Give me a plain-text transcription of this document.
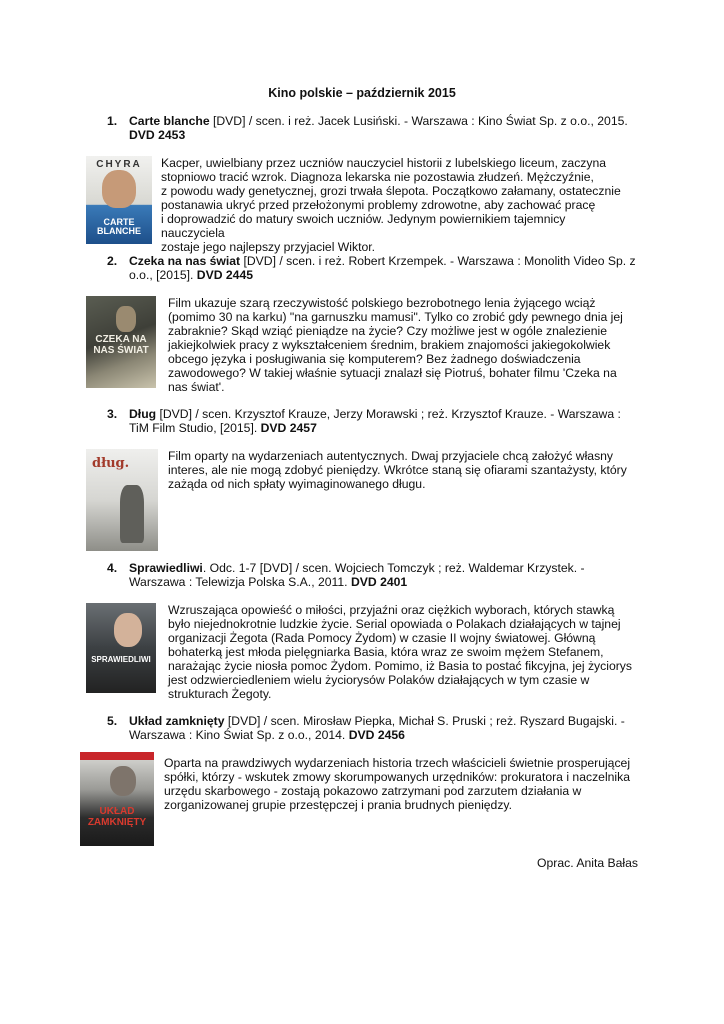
Kino polskie – październik 2015
1. Carte blanche [DVD] / scen. i reż. Jacek Lusiński. - Warszawa : Kino Świat Sp. z o.o., 2015. DVD 2453
CHYRA
CARTE BLANCHE
Kacper, uwielbiany przez uczniów nauczyciel historii z lubelskiego liceum, zaczyna
stopniowo tracić wzrok. Diagnoza lekarska nie pozostawia złudzeń. Mężczyźnie,
z powodu wady genetycznej, grozi trwała ślepota. Początkowo załamany, ostatecznie
postanawia ukryć przed przełożonymi problemy zdrowotne, aby zachować pracę
i doprowadzić do matury swoich uczniów. Jedynym powiernikiem tajemnicy nauczyciela
zostaje jego najlepszy przyjaciel Wiktor.
2. Czeka na nas świat [DVD] / scen. i reż. Robert Krzempek. - Warszawa : Monolith Video Sp. z o.o., [2015]. DVD 2445
CZEKA NA NAS ŚWIAT
Film ukazuje szarą rzeczywistość polskiego bezrobotnego lenia żyjącego wciąż
(pomimo 30 na karku) "na garnuszku mamusi". Tylko co zrobić gdy pewnego dnia jej
zabraknie? Skąd wziąć pieniądze na życie? Czy możliwe jest w ogóle znalezienie
jakiejkolwiek pracy z wykształceniem średnim, brakiem znajomości jakiegokolwiek
obcego języka i posługiwania się komputerem? Bez żadnego doświadczenia
zawodowego? W takiej właśnie sytuacji znalazł się Piotruś, bohater filmu 'Czeka na
nas świat'.
3. Dług [DVD] / scen. Krzysztof Krauze, Jerzy Morawski ; reż. Krzysztof Krauze. - Warszawa : TiM Film Studio, [2015]. DVD 2457
dług.	Film oparty na wydarzeniach autentycznych. Dwaj przyjaciele chcą założyć własny
interes, ale nie mogą zdobyć pieniędzy. Wkrótce staną się ofiarami szantażysty, który
zażąda od nich spłaty wyimaginowanego długu.
4. Sprawiedliwi. Odc. 1-7 [DVD] / scen. Wojciech Tomczyk ; reż. Waldemar Krzystek. - Warszawa : Telewizja Polska S.A., 2011. DVD 2401
SPRAWIEDLIWI
Wzruszająca opowieść o miłości, przyjaźni oraz ciężkich wyborach, których stawką
było niejednokrotnie ludzkie życie. Serial opowiada o Polakach działających w tajnej
organizacji Żegota (Rada Pomocy Żydom) w czasie II wojny światowej. Główną
bohaterką jest młoda pielęgniarka Basia, która wraz ze swoim mężem Stefanem,
narażając życie niosła pomoc Żydom. Pomimo, iż Basia to postać fikcyjna, jej życiorys
jest odzwierciedleniem wielu życiorysów Polaków działających w tym czasie w
strukturach Żegoty.
5. Układ zamknięty [DVD] / scen. Mirosław Piepka, Michał S. Pruski ; reż. Ryszard Bugajski. - Warszawa : Kino Świat Sp. z o.o., 2014. DVD 2456
UKŁAD ZAMKNIĘTY
Oparta na prawdziwych wydarzeniach historia trzech właścicieli świetnie prosperującej
spółki, którzy - wskutek zmowy skorumpowanych urzędników: prokuratora i naczelnika
urzędu skarbowego - zostają pokazowo zatrzymani pod zarzutem działania w
zorganizowanej grupie przestępczej i prania brudnych pieniędzy.
Oprac. Anita Bałas
